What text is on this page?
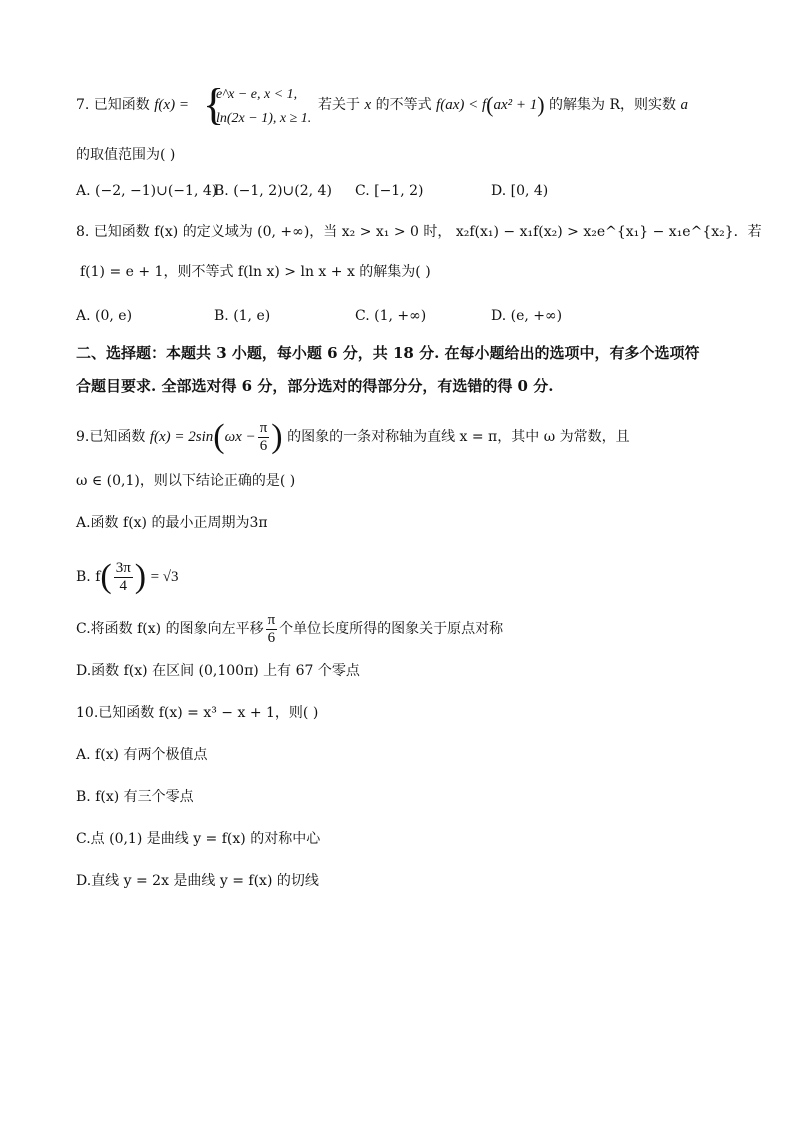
7. 已知函数 f(x) = {
e^x − e, x < 1,
ln(2x − 1), x ≥ 1.
若关于 x 的不等式 f(ax) < f(ax² + 1) 的解集为 R，则实数 a
的取值范围为( )
A. (−2, −1)∪(−1, 4)
B. (−1, 2)∪(2, 4) C. [−1, 2)	D. [0, 4)
8. 已知函数 f(x) 的定义域为 (0, +∞)，当 x₂ > x₁ > 0 时， x₂f(x₁) − x₁f(x₂) > x₂e^{x₁} − x₁e^{x₂}．若
f(1) = e + 1，则不等式 f(ln x) > ln x + x 的解集为( )
A. (0, e)	B. (1, e)	C. (1, +∞)	D. (e, +∞)
二、选择题：本题共 3 小题，每小题 6 分，共 18 分. 在每小题给出的选项中，有多个选项符
合题目要求. 全部选对得 6 分，部分选对的得部分分，有选错的得 0 分.
9.已知函数 $f(x) = 2\sin(\omega x - \frac{\pi}{6}$ ) 的图象的一条对称轴为直线 x = π，其中 ω 为常数，且
ω ∈ (0,1)，则以下结论正确的是( )
A.函数 f(x) 的最小正周期为3π
B. $f( \frac{3\pi}{4}$ ) = √3
C.将函数 f(x) 的图象向左平移 $\frac{\pi}{6}$ 个单位长度所得的图象关于原点对称
D.函数 f(x) 在区间 (0,100π) 上有 67 个零点
10.已知函数 f(x) = x³ − x + 1，则( )
A. f(x) 有两个极值点
B. f(x) 有三个零点
C.点 (0,1) 是曲线 y = f(x) 的对称中心
D.直线 y = 2x 是曲线 y = f(x) 的切线
